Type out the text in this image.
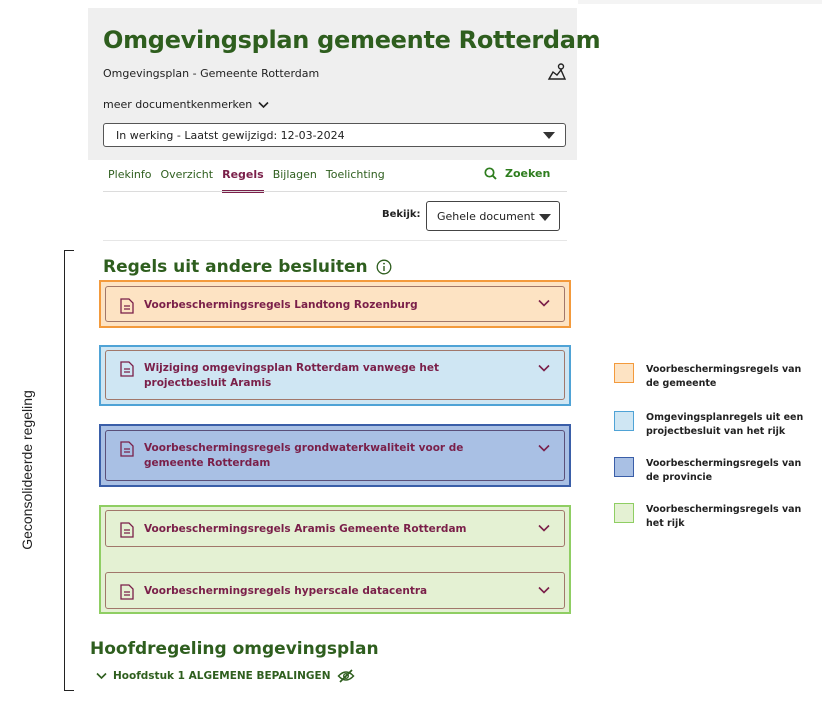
Omgevingsplan gemeente Rotterdam
Omgevingsplan - Gemeente Rotterdam
meer documentkenmerken
In werking - Laatst gewijzigd: 12-03-2024
Plekinfo Overzicht Regels Bijlagen Toelichting	Zoeken
Bekijk: Gehele document
Regels uit andere besluiten
Voorbeschermingsregels Landtong Rozenburg
Wijziging omgevingsplan Rotterdam vanwege het projectbesluit Aramis
Voorbeschermingsregels grondwaterkwaliteit voor de gemeente Rotterdam
Voorbeschermingsregels Aramis Gemeente Rotterdam
Voorbeschermingsregels hyperscale datacentra
Voorbeschermingsregels van de gemeente
Omgevingsplanregels uit een projectbesluit van het rijk
Voorbeschermingsregels van de provincie
Voorbeschermingsregels van het rijk
Geconsolideerde regeling
Hoofdregeling omgevingsplan
Hoofdstuk 1 ALGEMENE BEPALINGEN
